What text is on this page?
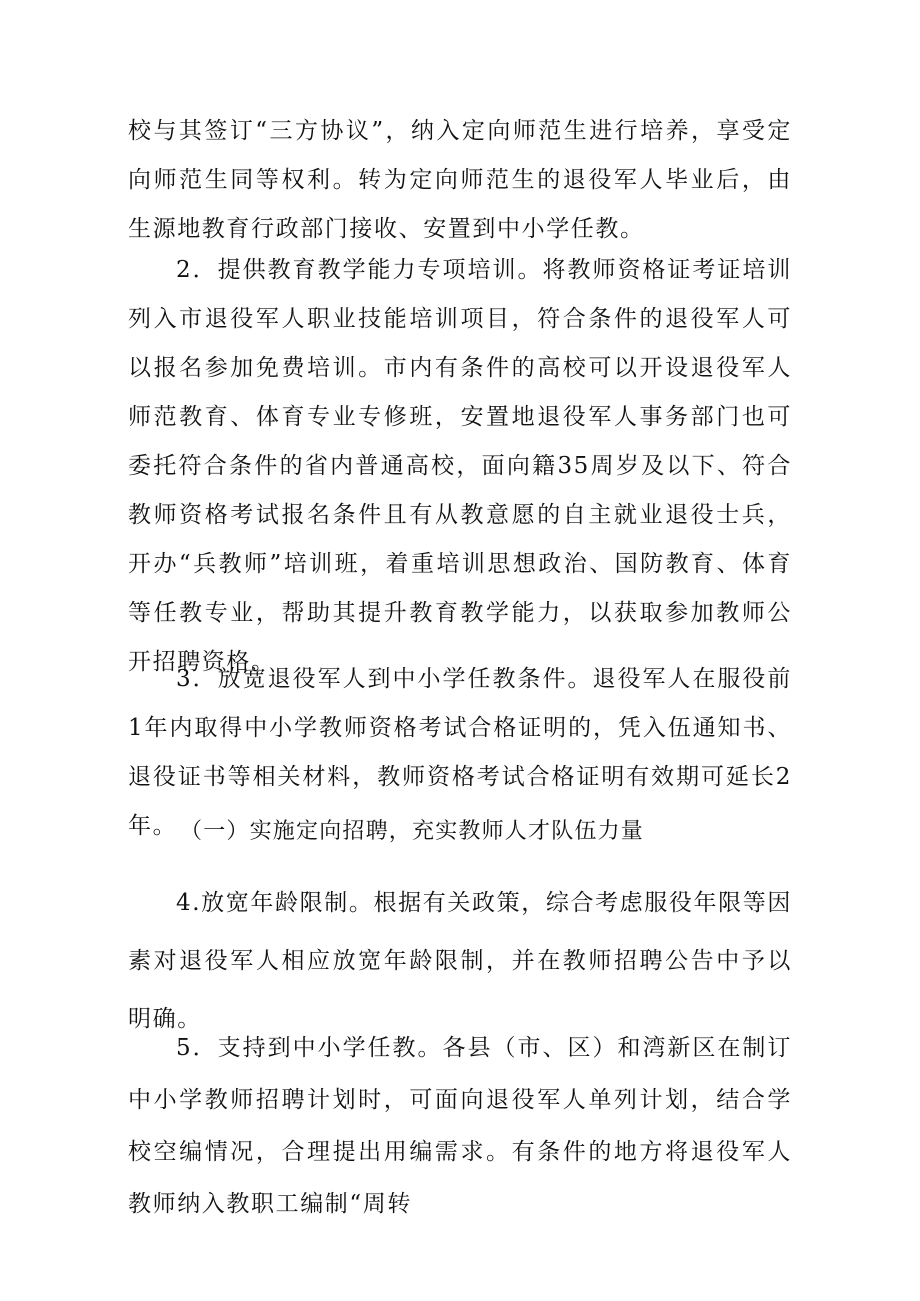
校与其签订“三方协议”，纳入定向师范生进行培养，享受定向师范生同等权利。转为定向师范生的退役军人毕业后，由生源地教育行政部门接收、安置到中小学任教。

2．提供教育教学能力专项培训。将教师资格证考证培训列入市退役军人职业技能培训项目，符合条件的退役军人可以报名参加免费培训。市内有条件的高校可以开设退役军人师范教育、体育专业专修班，安置地退役军人事务部门也可委托符合条件的省内普通高校，面向籍35周岁及以下、符合教师资格考试报名条件且有从教意愿的自主就业退役士兵，开办“兵教师”培训班，着重培训思想政治、国防教育、体育等任教专业，帮助其提升教育教学能力，以获取参加教师公开招聘资格。

3．放宽退役军人到中小学任教条件。退役军人在服役前1年内取得中小学教师资格考试合格证明的，凭入伍通知书、退役证书等相关材料，教师资格考试合格证明有效期可延长2年。 （一）实施定向招聘，充实教师人才队伍力量

4.放宽年龄限制。根据有关政策，综合考虑服役年限等因素对退役军人相应放宽年龄限制，并在教师招聘公告中予以明确。

5．支持到中小学任教。各县（市、区）和湾新区在制订中小学教师招聘计划时，可面向退役军人单列计划，结合学校空编情况，合理提出用编需求。有条件的地方将退役军人教师纳入教职工编制“周转
